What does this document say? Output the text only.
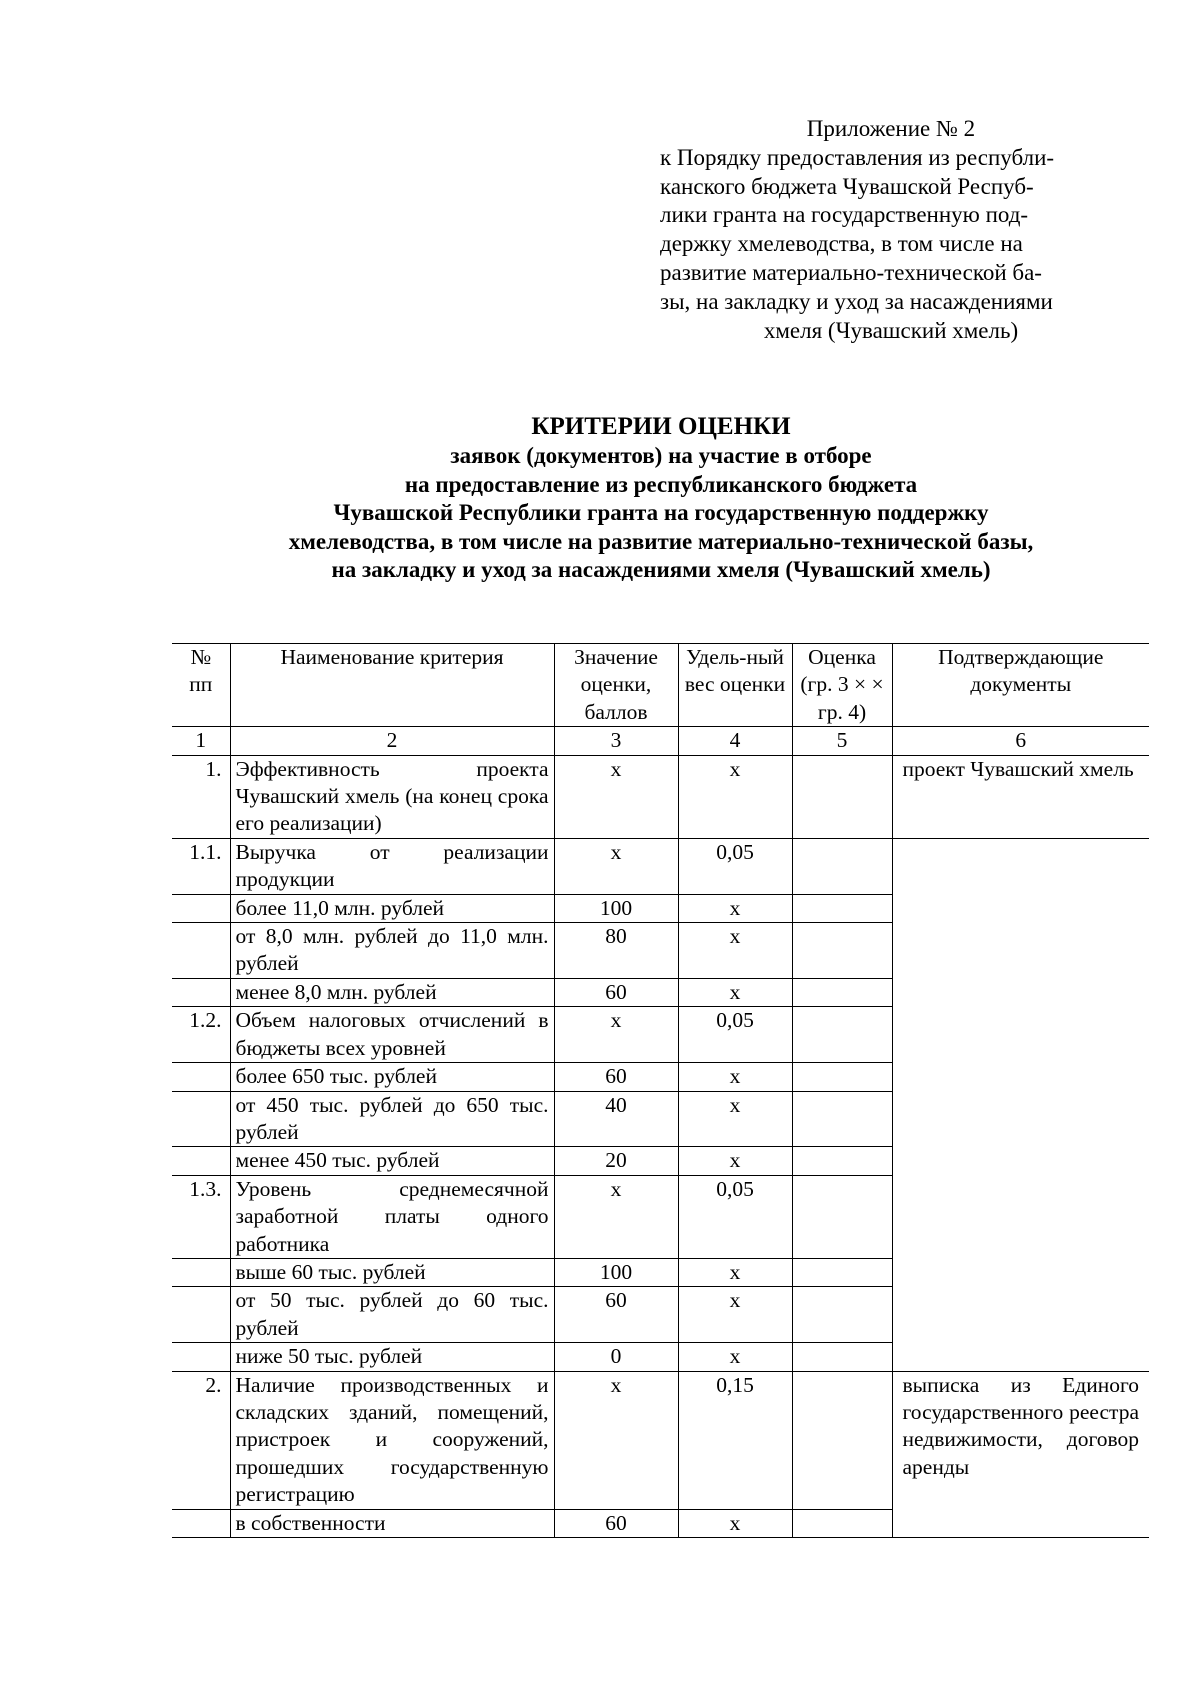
Приложение № 2
к Порядку предоставления из республи-
канского бюджета Чувашской Респуб-
лики гранта на государственную под-
держку хмелеводства, в том числе на
развитие материально-технической ба-
зы, на закладку и уход за насаждениями
хмеля (Чувашский хмель)
КРИТЕРИИ ОЦЕНКИ
заявок (документов) на участие в отборе
на предоставление из республиканского бюджета
Чувашской Республики гранта на государственную поддержку
хмелеводства, в том числе на развитие материально-технической базы,
на закладку и уход за насаждениями хмеля (Чувашский хмель)
№ пп	Наименование критерия	Значение оценки, баллов	Удель-ный вес оценки	Оценка (гр. 3 × × гр. 4)	Подтверждающие документы
1	2	3	4	5	6
1.	Эффективность проекта Чувашский хмель (на конец срока его реализации)	х	х		проект Чувашский хмель
1.1.	Выручка от реализации продукции	х	0,05		
	более 11,0 млн. рублей	100	х		
	от 8,0 млн. рублей до 11,0 млн. рублей	80	х		
	менее 8,0 млн. рублей	60	х		
1.2.	Объем налоговых отчислений в бюджеты всех уровней	х	0,05		
	более 650 тыс. рублей	60	х		
	от 450 тыс. рублей до 650 тыс. рублей	40	х		
	менее 450 тыс. рублей	20	х		
1.3.	Уровень среднемесячной заработной платы одного работника	х	0,05		
	выше 60 тыс. рублей	100	х		
	от 50 тыс. рублей до 60 тыс. рублей	60	х		
	ниже 50 тыс. рублей	0	х		
2.	Наличие производственных и складских зданий, помещений, пристроек и сооружений, прошедших государственную регистрацию	х	0,15		выписка из Единого государственного реестра недвижимости, договор аренды
	в собственности	60	х		
